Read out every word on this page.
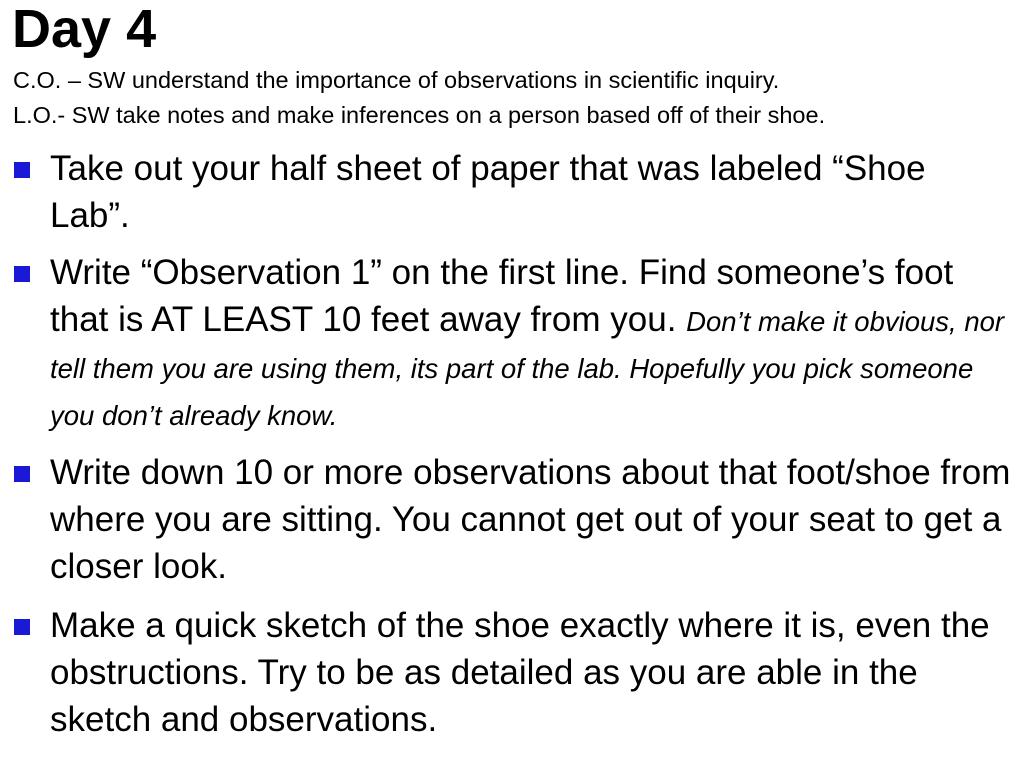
Day 4

C.O. – SW understand the importance of observations in scientific inquiry.

L.O.- SW take notes and make inferences on a person based off of their shoe.

Take out your half sheet of paper that was labeled “Shoe Lab”.
Write “Observation 1” on the first line. Find someone’s foot that is AT LEAST 10 feet away from you. Don’t make it obvious, nor tell them you are using them, its part of the lab. Hopefully you pick someone you don’t already know.
Write down 10 or more observations about that foot/shoe from where you are sitting. You cannot get out of your seat to get a closer look.
Make a quick sketch of the shoe exactly where it is, even the obstructions. Try to be as detailed as you are able in the sketch and observations.
